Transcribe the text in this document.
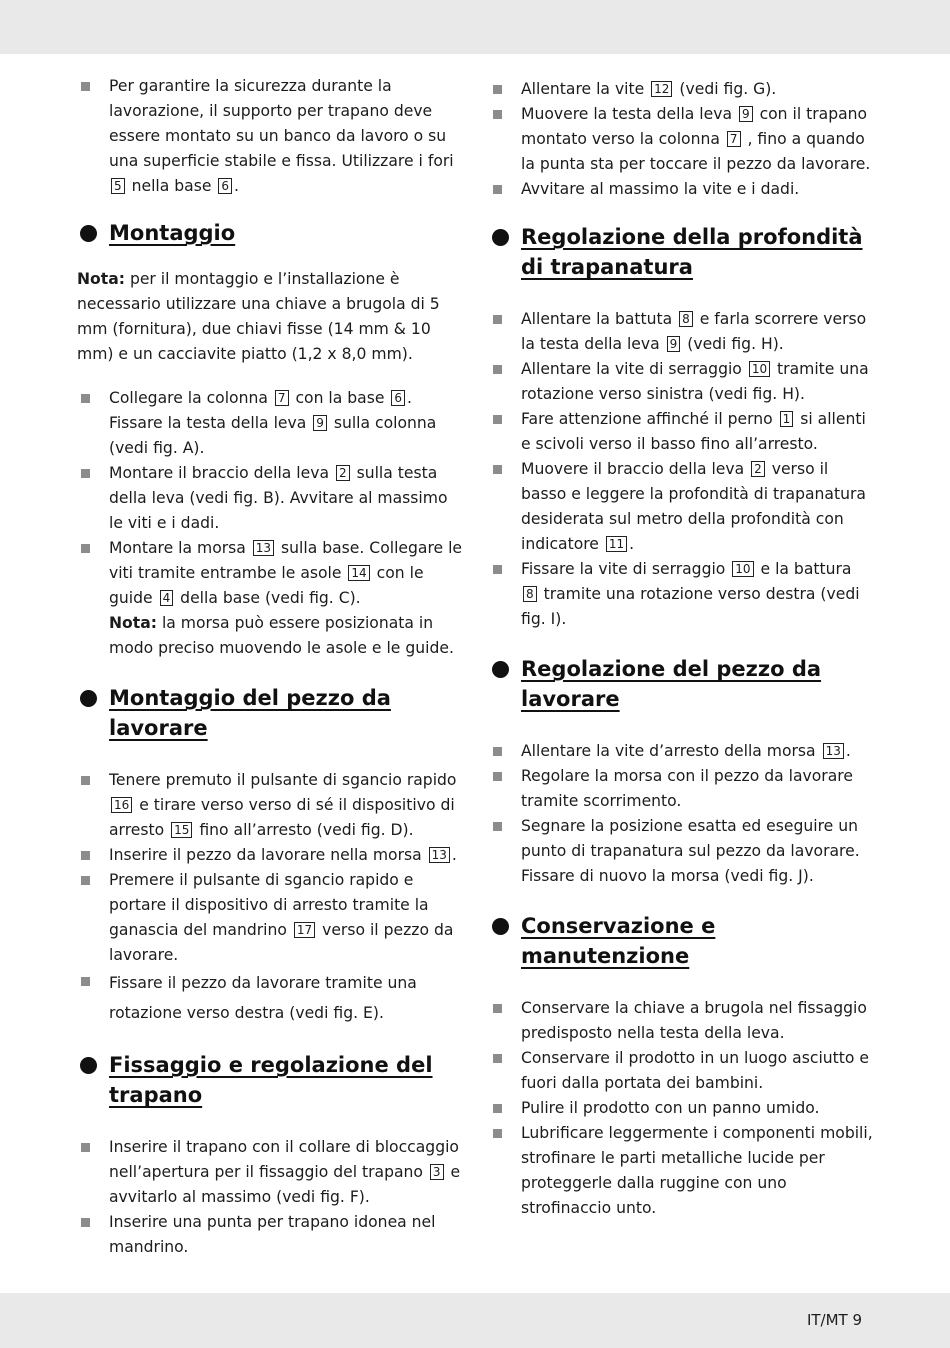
Per garantire la sicurezza durante la lavorazione, il supporto per trapano deve essere montato su un banco da lavoro o su una superficie stabile e fissa. Utilizzare i fori 5 nella base 6 .
Montaggio

Nota: per il montaggio e l’installazione è necessario utilizzare una chiave a brugola di 5 mm (fornitura), due chiavi fisse (14 mm & 10 mm) e un cacciavite piatto (1,2 x 8,0 mm).

Collegare la colonna 7 con la base 6 . Fissare la testa della leva 9 sulla colonna (vedi fig. A).
Montare il braccio della leva 2 sulla testa della leva (vedi fig. B). Avvitare al massimo le viti e i dadi.
Montare la morsa 13 sulla base. Collegare le viti tramite entrambe le asole 14 con le guide 4 della base (vedi fig. C).
Nota: la morsa può essere posizionata in modo preciso muovendo le asole e le guide.
Montaggio del pezzo da
lavorare
Tenere premuto il pulsante di sgancio rapido 16 e tirare verso verso di sé il dispositivo di arresto 15 fino all’arresto (vedi fig. D).
Inserire il pezzo da lavorare nella morsa 13 .
Premere il pulsante di sgancio rapido e portare il dispositivo di arresto tramite la ganascia del mandrino 17 verso il pezzo da lavorare.
Fissare il pezzo da lavorare tramite una rotazione verso destra (vedi fig. E).
Fissaggio e regolazione del
trapano
Inserire il trapano con il collare di bloccaggio nell’apertura per il fissaggio del trapano 3 e avvitarlo al massimo (vedi fig. F).
Inserire una punta per trapano idonea nel mandrino.
Allentare la vite 12 (vedi fig. G).
Muovere la testa della leva 9 con il trapano montato verso la colonna 7 , fino a quando la punta sta per toccare il pezzo da lavorare.
Avvitare al massimo la vite e i dadi.
Regolazione della profondità
di trapanatura
Allentare la battuta 8 e farla scorrere verso la testa della leva 9 (vedi fig. H).
Allentare la vite di serraggio 10 tramite una rotazione verso sinistra (vedi fig. H).
Fare attenzione affinché il perno 1 si allenti e scivoli verso il basso fino all’arresto.
Muovere il braccio della leva 2 verso il basso e leggere la profondità di trapanatura desiderata sul metro della profondità con indicatore 11 .
Fissare la vite di serraggio 10 e la battura 8 tramite una rotazione verso destra (vedi fig. I).
Regolazione del pezzo da
lavorare
Allentare la vite d’arresto della morsa 13 .
Regolare la morsa con il pezzo da lavorare tramite scorrimento.
Segnare la posizione esatta ed eseguire un punto di trapanatura sul pezzo da lavorare. Fissare di nuovo la morsa (vedi fig. J).
Conservazione e
manutenzione
Conservare la chiave a brugola nel fissaggio predisposto nella testa della leva.
Conservare il prodotto in un luogo asciutto e fuori dalla portata dei bambini.
Pulire il prodotto con un panno umido.
Lubrificare leggermente i componenti mobili, strofinare le parti metalliche lucide per proteggerle dalla ruggine con uno strofinaccio unto.
IT/MT 9
